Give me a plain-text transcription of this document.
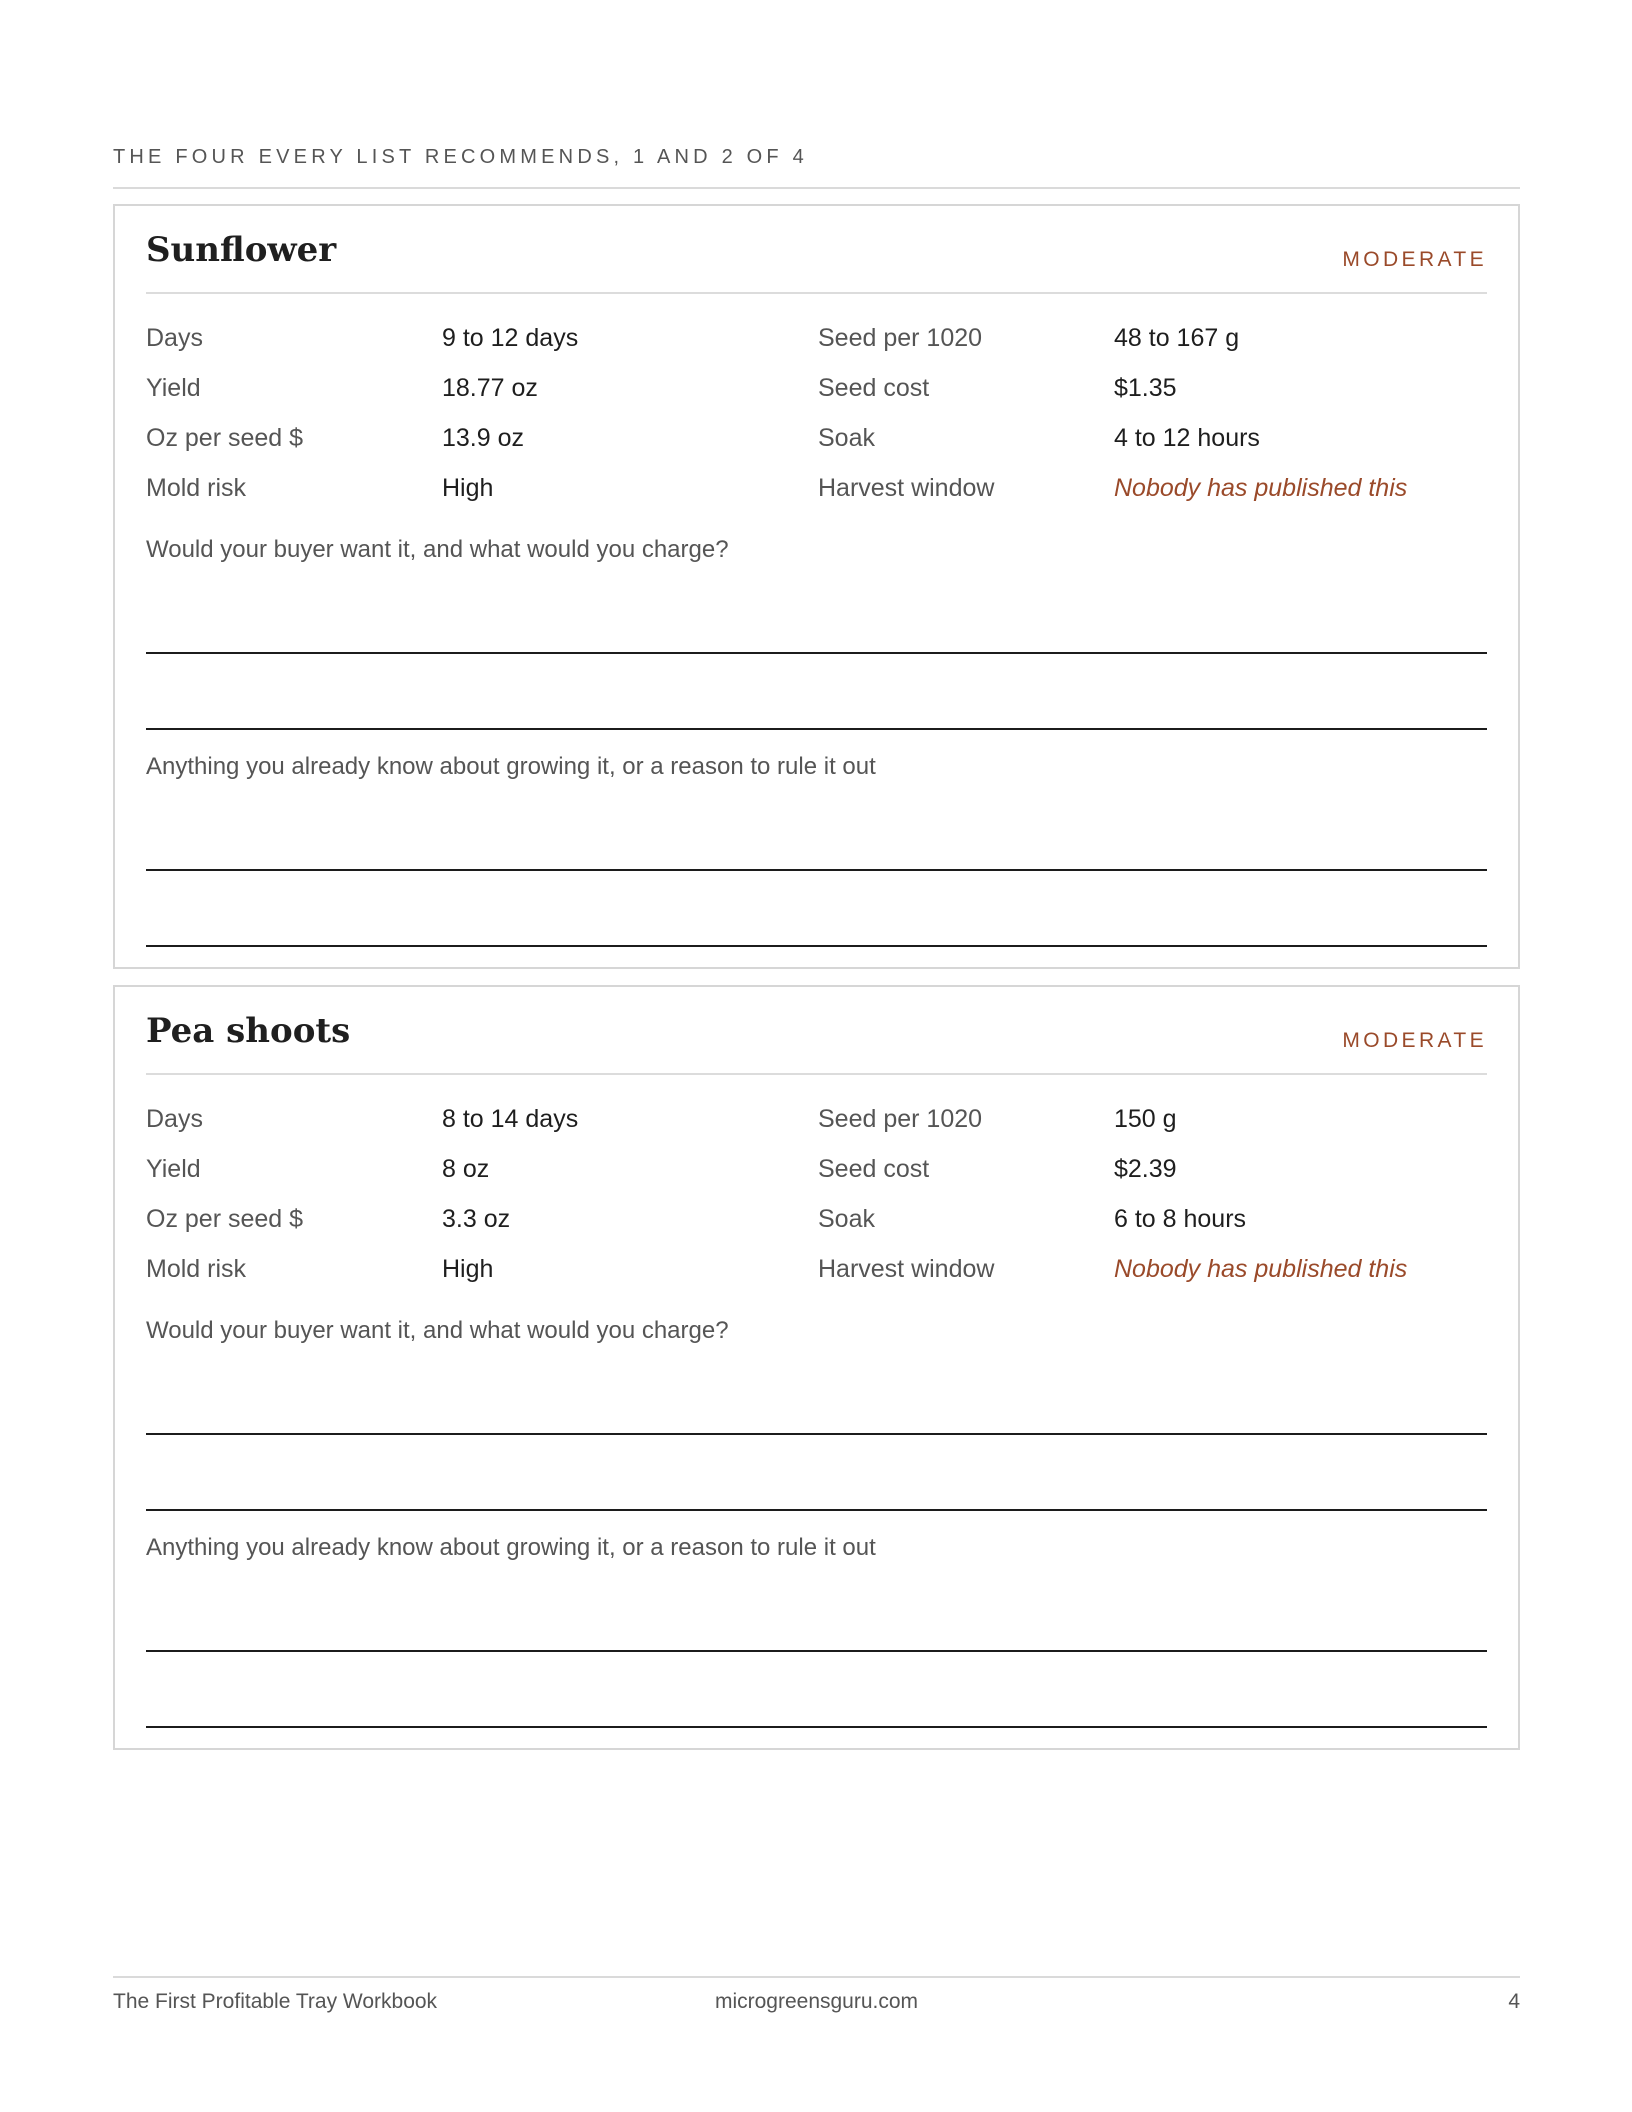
THE FOUR EVERY LIST RECOMMENDS, 1 AND 2 OF 4
Sunflower	MODERATE
Days	9 to 12 days	Seed per 1020	48 to 167 g
Yield	18.77 oz	Seed cost	$1.35
Oz per seed $	13.9 oz	Soak	4 to 12 hours
Mold risk	High	Harvest window	Nobody has published this
Would your buyer want it, and what would you charge?
Anything you already know about growing it, or a reason to rule it out
Pea shoots	MODERATE
Days	8 to 14 days	Seed per 1020	150 g
Yield	8 oz	Seed cost	$2.39
Oz per seed $	3.3 oz	Soak	6 to 8 hours
Mold risk	High	Harvest window	Nobody has published this
Would your buyer want it, and what would you charge?
Anything you already know about growing it, or a reason to rule it out
The First Profitable Tray Workbook	microgreensguru.com	4
